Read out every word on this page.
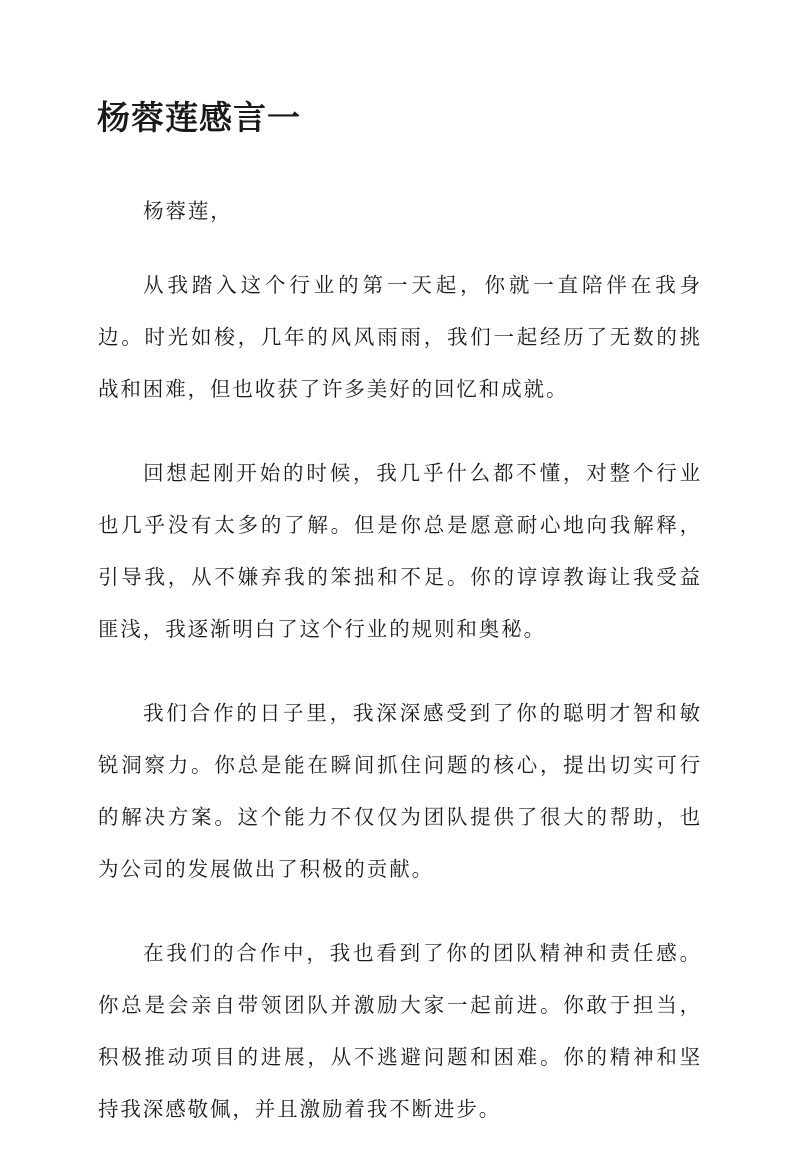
杨蓉莲感言一

杨蓉莲，

从我踏入这个行业的第一天起，你就一直陪伴在我身边。时光如梭，几年的风风雨雨，我们一起经历了无数的挑战和困难，但也收获了许多美好的回忆和成就。

回想起刚开始的时候，我几乎什么都不懂，对整个行业也几乎没有太多的了解。但是你总是愿意耐心地向我解释，引导我，从不嫌弃我的笨拙和不足。你的谆谆教诲让我受益匪浅，我逐渐明白了这个行业的规则和奥秘。

我们合作的日子里，我深深感受到了你的聪明才智和敏锐洞察力。你总是能在瞬间抓住问题的核心，提出切实可行的解决方案。这个能力不仅仅为团队提供了很大的帮助，也为公司的发展做出了积极的贡献。

在我们的合作中，我也看到了你的团队精神和责任感。你总是会亲自带领团队并激励大家一起前进。你敢于担当，积极推动项目的进展，从不逃避问题和困难。你的精神和坚持我深感敬佩，并且激励着我不断进步。
